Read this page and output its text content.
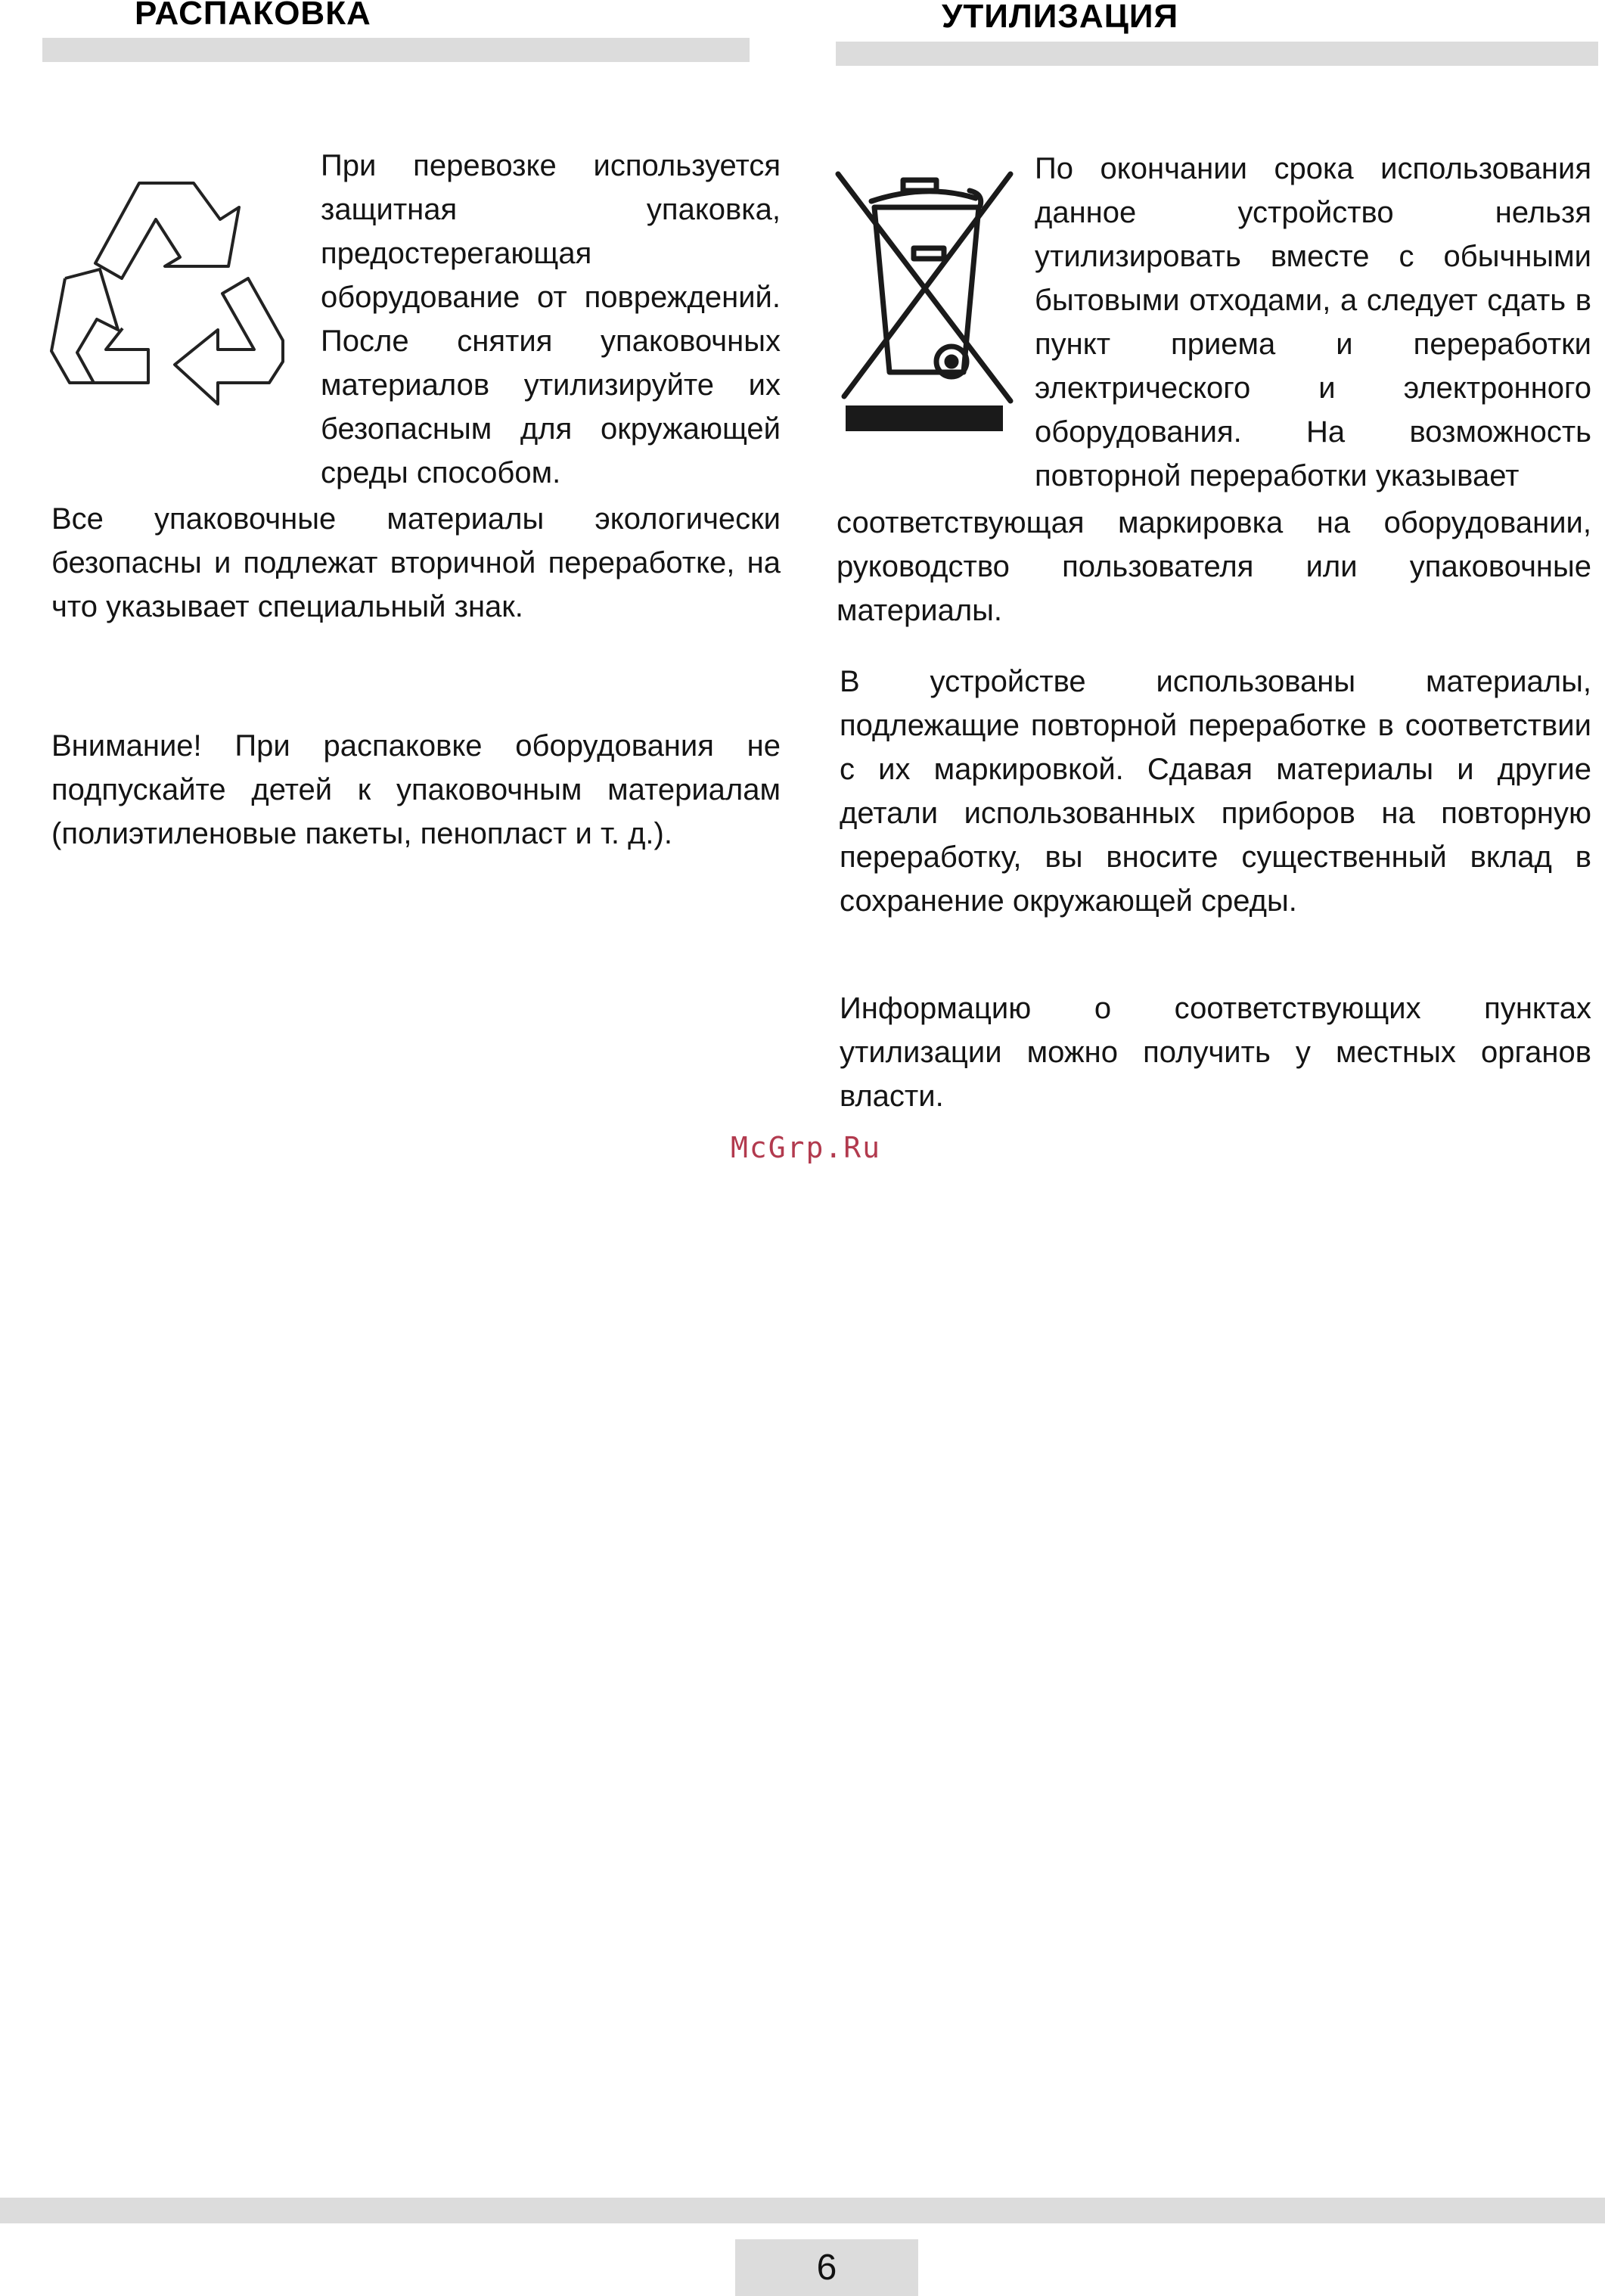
РАСПАКОВКА

При перевозке используется защитная упаковка, предостерегающая оборудование от повреждений. После снятия упаковочных материалов утилизируйте их безопасным для окружающей среды способом.

Все упаковочные материалы экологически безопасны и подлежат вторичной переработке, на что указывает специальный знак.

Внимание! При распаковке оборудования не подпускайте детей к упаковочным материалам (полиэтиленовые пакеты, пенопласт и т. д.).

УТИЛИЗАЦИЯ

По окончании срока использования данное устройство нельзя утилизировать вместе с обычными бытовыми отходами, а следует сдать в пункт приема и переработки электрического и электронного оборудования. На возможность повторной переработки указывает

соответствующая маркировка на оборудовании, руководство пользователя или упаковочные материалы.

В устройстве использованы материалы, подлежащие повторной переработке в соответствии с их маркировкой. Сдавая материалы и другие детали использованных приборов на повторную переработку, вы вносите существенный вклад в сохранение окружающей среды.

Информацию о соответствующих пунктах утилизации можно получить у местных органов власти.

McGrp.Ru
6
